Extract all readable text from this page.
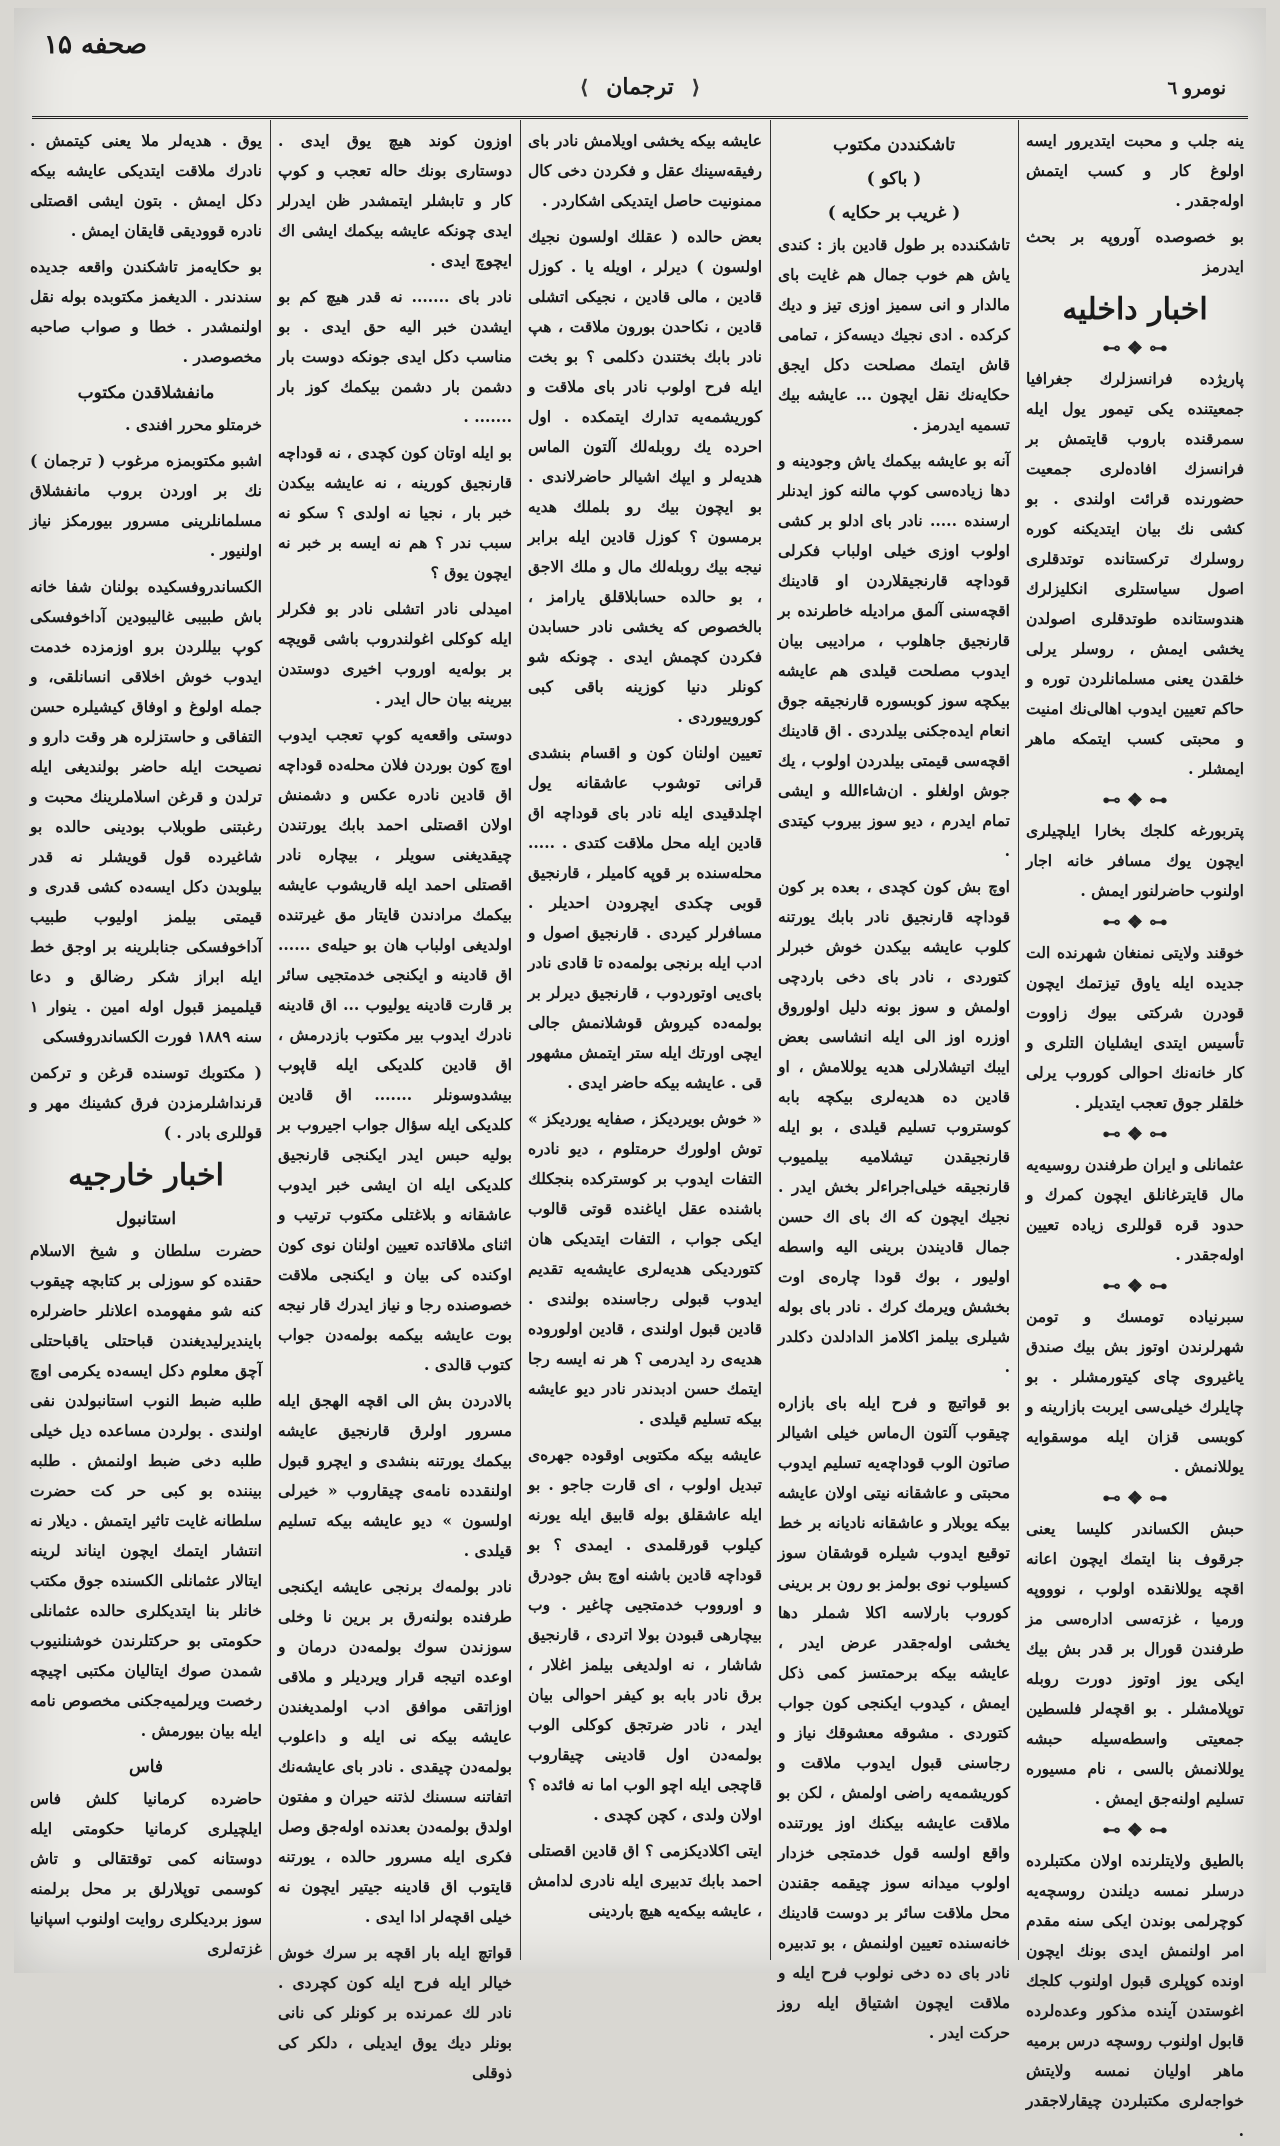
صحفه ۱۵
⟨ ترجمان ⟩	نومرو ٦

ینه جلب و محبت ایتدیرور ایسه اولوغ كار و كسب ایتمش اوله‌جقدر .

بو خصوصده آوروپه بر بحث ایدرمز

اخبار داخلیه
⊷ ❖ ⊶

پاریژده فرانسزلرك جغرافیا جمعیتنده یكی تیمور یول ایله سمرقنده باروب قایتمش بر فرانسزك افاده‌لری جمعیت حضورنده قرائت اولندی . بو كشی نك بیان ایتدیكنه كوره روسلرك تركستانده توتدقلری اصول سیاستلری انكلیزلرك هندوستانده طوتدقلری اصولدن یخشی ایمش ، روسلر یرلی خلقدن یعنی مسلمانلردن توره و حاكم تعیین ایدوب اهالی‌نك امنیت و محبتی كسب ایتمكه ماهر ایمشلر .

⊷ ❖ ⊶

پتربورغه كلجك بخارا ایلچیلری ایچون یوك مسافر خانه اجار اولنوب حاضرلنور ایمش .

⊷ ❖ ⊶

خوقند ولایتی نمنغان شهرنده الت جدیده ایله یاوق تیزتمك ایچون قودرن شركتی بیوك زاووت تأسیس ایتدی ایشلیان التلری و كار خانه‌نك احوالی كوروب یرلی خلقلر جوق تعجب ایتدیلر .

⊷ ❖ ⊶

عثمانلی و ایران طرفندن روسیه‌یه مال قایترغانلق ایچون كمرك و حدود قره قوللری زیاده تعیین اوله‌جقدر .

⊷ ❖ ⊶

سبرنیاده تومسك و تومن شهرلرندن اوتوز بش بیك صندق یاغیروی چای كیتورمشلر . بو چایلرك خیلی‌سی ایربت بازارینه و كوبسی قزان ایله موسقوایه یوللانمش .

⊷ ❖ ⊶

حبش الكساندر كلیسا یعنی جرقوف بنا ایتمك ایچون اعانه اقچه یوللانقده اولوب ، نوووپه ورمیا ، غزته‌سی اداره‌سی مز طرفندن قورال بر قدر بش بیك ایكی یوز اوتوز دورت روبله توپلامشلر . بو اقچه‌لر فلسطین جمعیتی واسطه‌سیله حبشه یوللانمش بالسی ، نام مسیوره تسلیم اولنه‌جق ایمش .

⊷ ❖ ⊶

بالطیق ولایتلرنده اولان مكتبلرده درسلر نمسه دیلندن روسچه‌یه كوچرلمی بوندن ایكی سنه مقدم امر اولنمش ایدی بونك ایچون اونده كوپلری قبول اولنوب كلجك اغوستدن آینده مذكور وعده‌لرده قابول اولنوب روسچه درس برمیه ماهر اولیان نمسه ولایتش خواجه‌لری مكتبلردن چیقارلاجقدر .

تاشكنددن مكتوب
( باكو )
( غریب بر حكایه )

تاشكندده بر طول قادین باز : كندی یاش هم خوب جمال هم غایت بای مالدار و انی سمیز اوزی تیز و دیك كركده . ادی نجیك دیسه‌كز ، تمامی قاش ایتمك مصلحت دكل ایجق حكایه‌نك نقل ایچون ... عایشه بیك تسمیه ایدرمز .

آنه بو عایشه بیكمك یاش وجودینه و دها زیاده‌سی كوپ مالنه كوز ایدنلر ارسنده ..... نادر بای ادلو بر كشی اولوب اوزی خیلی اولباب فكرلی قوداچه قارنجیقلاردن او قادینك اقچه‌سنی آلمق مرادیله خاطرنده بر قارنجیق جاهلوب ، مرادیبی بیان ایدوب مصلحت قیلدی هم عایشه بیكچه سوز كوبسوره قارنجیقه جوق انعام ایده‌جكنی بیلدردی . اق قادینك اقچه‌سی قیمتی بیلدردن اولوب ، یك جوش اولغلو . ان‌شاءالله و ایشی تمام ایدرم ، دیو سوز بیروب كیتدی .

اوچ بش كون كچدی ، بعده بر كون قوداچه قارنجیق نادر بابك یورتنه كلوب عایشه بیكدن خوش خبرلر كتوردی ، نادر بای دخی باردچی اولمش و سوز بونه دلیل اولوروق اوزره اوز الی ایله انشاسی بعض ایبك اتیشلارلی هدیه یوللامش ، او قادین ده هدیه‌لری بیكچه بابه كوستروب تسلیم قیلدی ، بو ایله قارنجیقدن تیشلامیه بیلمیوب قارنجیقه خیلی‌اجراءلر بخش ایدر . نجیك ایچون كه اك بای اك حسن جمال قادیندن برینی الیه واسطه اولیور ، بوك قودا چاره‌ی اوت بخشش ویرمك كرك . نادر بای بوله شیلری بیلمز اكلامز الدادلدن دكلدر .

بو قواتیچ و فرح ایله بای بازاره چیقوب آلتون ال‌ماس خیلی اشیالر صاتون الوب قوداچه‌یه تسلیم ایدوب محبتی و عاشقانه نیتی اولان عایشه بیكه یوبلار و عاشقانه نادیانه بر خط توقیع ایدوب شیلره قوشقان سوز كسیلوب نوی بولمز بو رون بر برینی كوروب بارلاسه اكلا شملر دها یخشی اوله‌جقدر عرض ایدر ، عایشه بیكه برحمتسز كمی ذكل ایمش ، كیدوب ایكنجی كون جواب كتوردی . مشوقه معشوقك نیاز و رجاسنی قبول ایدوب ملاقت و كوریشمه‌یه راضی اولمش ، لكن بو ملاقت عایشه بیكنك اوز یورتنده واقع اولسه قول خدمتجی خزدار اولوب میدانه سوز چیقمه جقندن محل ملاقت سائر بر دوست قادینك خانه‌سنده تعیین اولنمش ، بو تدبیره نادر بای ده دخی نولوب فرح ایله و ملاقت ایچون اشتیاق ایله روز حركت ایدر .

عایشه بیكه یخشی اویلامش نادر بای رفیقه‌سینك عقل و فكردن دخی كال ممنونیت حاصل ایتدیكی اشكاردر .

بعض حالده ( عقلك اولسون نجیك اولسون ) دیرلر ، اویله یا . كوزل قادین ، مالی قادین ، نجیكی اتشلی قادین ، نكاحدن بورون ملاقت ، هپ نادر بابك بختندن دكلمی ؟ بو بخت ایله فرح اولوب نادر بای ملاقت و كوریشمه‌یه تدارك ایتمكده . اول احرده یك روبله‌لك آلتون الماس هدیه‌لر و ایپك اشیالر حاضرلاندی . بو ایچون بیك رو بلملك هدیه برمسون ؟ كوزل قادین ایله برابر نیجه بیك روبله‌لك مال و ملك الاجق ، بو حالده حسابلاقلق یارامز ، بالخصوص كه یخشی نادر حسابدن فكردن كچمش ایدی . چونكه شو كونلر دنیا كوزینه باقی كبی كوروییوردی .

تعیین اولنان كون و اقسام بنشدی قرانی توشوب عاشقانه یول اچلدقیدی ایله نادر بای قوداچه اق قادین ایله محل ملاقت كتدی . ..... محله‌سنده بر قوپه كامیلر ، قارنجیق قوبی چكدی ایچرودن احدیلر . مسافرلر كیردی . قارنجیق اصول و ادب ایله برنجی بولمه‌ده تا قادی نادر بای‌یی اوتوردوب ، قارنجیق دیرلر بر بولمه‌ده كیروش قوشلانمش جالی ایچی اورتك ایله ستر ایتمش مشهور قی . عایشه بیكه حاضر ایدی .

« خوش بویردیكز ، صفایه یوردیكز » توش اولورك حرمتلوم ، دیو نادره التفات ایدوب بر كوستركده بنجكلك باشنده عقل ایاغنده قوتی قالوب ایكی جواب ، التفات ایتدیكی هان كتوردیكی هدیه‌لری عایشه‌یه تقدیم ایدوب قبولی رجاسنده بولندی . قادین قبول اولندی ، قادین اولوروده هدیه‌ی رد ایدرمی ؟ هر نه ایسه رجا ایتمك حسن ادبدندر نادر دیو عایشه بیكه تسلیم قیلدی .

عایشه بیكه مكتوبی اوقوده جهره‌ی تبدیل اولوب ، ای قارت جاجو . بو ایله عاشقلق بوله قابیق ایله یورنه كیلوب قورقلمدی . ایمدی ؟ بو قوداچه قادین باشنه اوچ بش جودرق و اورووب خدمتجیی چاغیر . وب بیچارهی قبودن بولا اتردی ، قارنجیق شاشار ، نه اولدیغی بیلمز اغلار ، برق نادر بابه بو كیفر احوالی بیان ایدر ، نادر ضرتجق كوكلی الوب بولمه‌دن اول قادینی چیقاروب قاچجی ایله اچو الوب اما نه فائده ؟ اولان ولدی ، كچن كچدی .

ایتی اكلادیكزمی ؟ اق قادین اقصتلی احمد بابك تدبیری ایله نادری لدامش ، عایشه بیكه‌یه هیچ باردینی

اوزون كوند هیچ یوق ایدی . دوستاری بونك حاله تعجب و كوپ كار و تابشلر ایتمشدر ظن ایدرلر ایدی چونكه عایشه بیكمك ایشی اك ایچوچ ایدی .

نادر بای ....... نه قدر هیچ كم بو ایشدن خبر الیه حق ایدی . بو مناسب دكل ایدی جونكه دوست بار دشمن بار دشمن بیكمك كوز بار ....... .

بو ایله اوتان كون كچدی ، نه قوداچه قارنجیق كورینه ، نه عایشه بیكدن خبر بار ، نجیا نه اولدی ؟ سكو نه سبب ندر ؟ هم نه ایسه بر خبر نه ایچون یوق ؟

امیدلی نادر اتشلی نادر بو فكرلر ایله كوكلی اغولندروب باشی قویچه بر بوله‌یه اوروب اخیری دوستدن بیرینه بیان حال ایدر .

دوستی واقعه‌یه كوپ تعجب ایدوب اوچ كون بوردن فلان محله‌ده قوداچه اق قادین نادره عكس و دشمنش اولان اقصتلی احمد بابك یورتندن چیقدیغنی سویلر ، بیچاره نادر اقصتلی احمد ایله قاریشوب عایشه بیكمك مرادندن قایتار مق غیرتنده اولدیغی اولباب هان بو حیله‌ی ...... اق قادینه و ایكنجی خدمتجیی سائر بر قارت قادینه یولیوب ... اق قادینه نادرك ایدوب بیر مكتوب بازدرمش ، اق قادین كلدیكی ایله قاپوب بیشدوسونلر ....... اق قادین كلدیكی ایله سؤال جواب اجیروب بر بولیه حبس ایدر ایكنجی قارنجیق كلدیكی ایله ان ایشی خبر ایدوب عاشقانه و بلاغتلی مكتوب ترتیب و اثنای ملاقاتده تعیین اولنان نوی كون اوكنده كی بیان و ایكنجی ملاقت خصوصنده رجا و نیاز ایدرك قار نیجه بوت عایشه بیكمه بولمه‌دن جواب كتوب قالدی .

بالادردن بش الی اقچه الهجق ایله مسرور اولرق قارنجیق عایشه بیكمك یورتنه بنشدی و ایچرو قبول اولنقدده نامه‌ی چیقاروب « خیرلی اولسون » دیو عایشه بیكه تسلیم قیلدی .

نادر بولمه‌ك برنجی عایشه ایكنجی طرفنده بولنه‌رق بر برین نا وخلی سوزندن سوك بولمه‌دن درمان و اوعده اتیجه قرار ویردیلر و ملاقی اوزاتقی موافق ادب اولمدیغندن عایشه بیكه نی ایله و داعلوب بولمه‌دن چیقدی . نادر بای عایشه‌نك اتفاتنه سسنك لذتنه حیران و مفتون اولدق بولمه‌دن بعدنده اوله‌جق وصل فكری ایله مسرور حالده ، یورتنه قایتوب اق قادینه جیتیر ایچون نه خیلی اقچه‌لر ادا ایدی .

قواتچ ایله بار اقچه بر سرك خوش خیالر ایله فرح ایله كون كچردی . نادر لك عمرنده بر كونلر كی نانی بونلر دیك یوق ایدیلی ، دلكر كی ذوقلی

یوق . هدیه‌لر ملا یعنی كیتمش . نادرك ملاقت ایتدیكی عایشه بیكه دكل ایمش . بتون ایشی اقصتلی نادره قوودیقی قایقان ایمش .

بو حكایه‌مز تاشكندن واقعه جدیده سندندر . الدیغمز مكتوبده بوله نقل اولنمشدر . خطا و صواب صاحبه مخصوصدر .

مانفشلاقدن مكتوب

خرمتلو محرر افندی .

اشبو مكتوبمزه مرغوب ( ترجمان ) نك بر اوردن بروب مانفشلاق مسلمانلرینی مسرور بیورمكز نیاز اولنیور .

الكساندروفسكیده بولنان شفا خانه باش طبیبی غالیبودین آداخوفسكی كوپ بیللردن برو اوزمزده خدمت ایدوب خوش اخلاقی انسانلقی، و جمله اولوغ و اوفاق كیشیلره حسن التفاقی و حاستزلره هر وقت دارو و نصیحت ایله حاضر بولندیغی ایله ترلدن و قرغن اسلاملرینك محبت و رغبتنی طوبلاب بودینی حالده بو شاغیرده قول قویشلر نه قدر بیلوبدن دكل ایسه‌ده كشی قدری و قیمتی بیلمز اولیوب طبیب آداخوفسكی جنابلرینه بر اوجق خط ایله ابراز شكر رضالق و دعا قیلمیمز قبول اوله امین . ینوار ۱ سنه ۱۸۸۹ فورت الكساندروفسكی

( مكتوبك توسنده قرغن و تركمن قرنداشلرمزدن فرق كشینك مهر و قوللری بادر . )

اخبار خارجیه
استانبول

حضرت سلطان و شیخ الاسلام حقنده كو سوزلی بر كتابچه چیقوب كنه شو مفهومده اعلانلر حاضرلره بایندیرلیدیغندن قباحتلی یاقباحتلی آچق معلوم دكل ایسه‌ده یكرمی اوچ طلبه ضبط النوب استانبولدن نفی اولندی . بولردن مساعده دیل خیلی طلبه دخی ضبط اولنمش . طلبه بیننده بو كبی حر كت حضرت سلطانه غایت تاثیر ایتمش . دیلار نه انتشار ایتمك ایچون ایناند لرینه ایتالار عثمانلی الكسنده جوق مكتب خانلر بنا ایتدیكلری حالده عثمانلی حكومتی بو حركتلرندن خوشنلنیوب شمدن صوك ایتالیان مكتبی اچیچه رخصت ویرلمیه‌جكنی مخصوص نامه ایله بیان بیورمش .

فاس

حاضرده كرمانیا كلش فاس ایلچیلری كرمانیا حكومتی ایله دوستانه كمی توقتقالی و تاش كوسمی توپلارلق بر محل برلمنه سوز بردیكلری روایت اولنوب اسپانیا غزته‌لری
